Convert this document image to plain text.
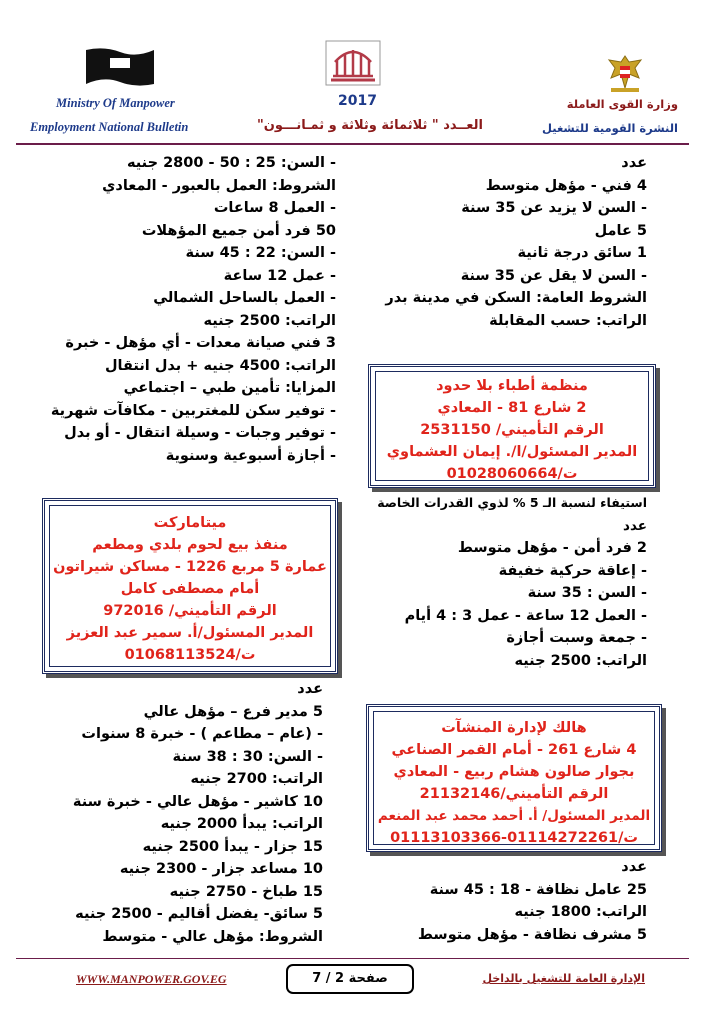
Ministry Of Manpower	2017	وزارة القوى العاملة
Employment National Bulletin	العــدد " ثلاثمائة وثلاثة و ثمـانـــون"	النشرة القومية للتشغيل
- السن: 25 : 50 - 2800 جنيه
الشروط: العمل بالعبور - المعادي
- العمل 8 ساعات
50 فرد أمن جميع المؤهلات
- السن: 22 : 45 سنة
- عمل 12 ساعة
- العمل بالساحل الشمالي
الراتب: 2500 جنيه
3 فني صيانة معدات - أي مؤهل - خبرة
الراتب: 4500 جنيه + بدل انتقال
المزايا: تأمين طبي – اجتماعي
- توفير سكن للمغتربين - مكافآت شهرية
- توفير وجبات - وسيلة انتقال - أو بدل
- أجازة أسبوعية وسنوية
عدد
4 فني - مؤهل متوسط
- السن لا يزيد عن 35 سنة
5 عامل
1 سائق درجة ثانية
- السن لا يقل عن 35 سنة
الشروط العامة: السكن في مدينة بدر
الراتب: حسب المقابلة
منظمة أطباء بلا حدود
2 شارع 81 - المعادي
الرقم التأميني/ 2531150
المدير المسئول/ا/. إيمان العشماوي
ت/01028060664
استيفاء لنسبة الـ 5 % لذوي القدرات الخاصة
عدد
2 فرد أمن - مؤهل متوسط
- إعاقة حركية خفيفة
- السن : 35 سنة
- العمل 12 ساعة - عمل 3 : 4 أيام
- جمعة وسبت أجازة
الراتب: 2500 جنيه
ميتامارکت
منفذ بيع لحوم بلدي ومطعم
عمارة 5 مربع 1226 - مساكن شيراتون
أمام مصطفى كامل
الرقم التأميني/ 972016
المدير المسئول/أ. سمير عبد العزيز
ت/01068113524
عدد
5 مدير فرع – مؤهل عالي
- (عام – مطاعم ) - خبرة 8 سنوات
- السن: 30 : 38 سنة
الراتب: 2700 جنيه
10 كاشير - مؤهل عالي - خبرة سنة
الراتب: يبدأ 2000 جنيه
15 جزار - يبدأ 2500 جنيه
10 مساعد جزار - 2300 جنيه
15 طباخ - 2750 جنيه
5 سائق- يفضل أقاليم - 2500 جنيه
الشروط: مؤهل عالي - متوسط
هالك لإدارة المنشآت
4 شارع 261 - أمام القمر الصناعي
بجوار صالون هشام ربيع - المعادي
الرقم التأميني/21132146
المدير المسئول/ أ. أحمد محمد عبد المنعم
ت/01114272261-01113103366
عدد
25 عامل نظافة - 18 : 45 سنة
الراتب: 1800 جنيه
5 مشرف نظافة - مؤهل متوسط
WWW.MANPOWER.GOV.EG	صفحة 2 / 7	الإدارة العامة للتشغيل بالداخل
